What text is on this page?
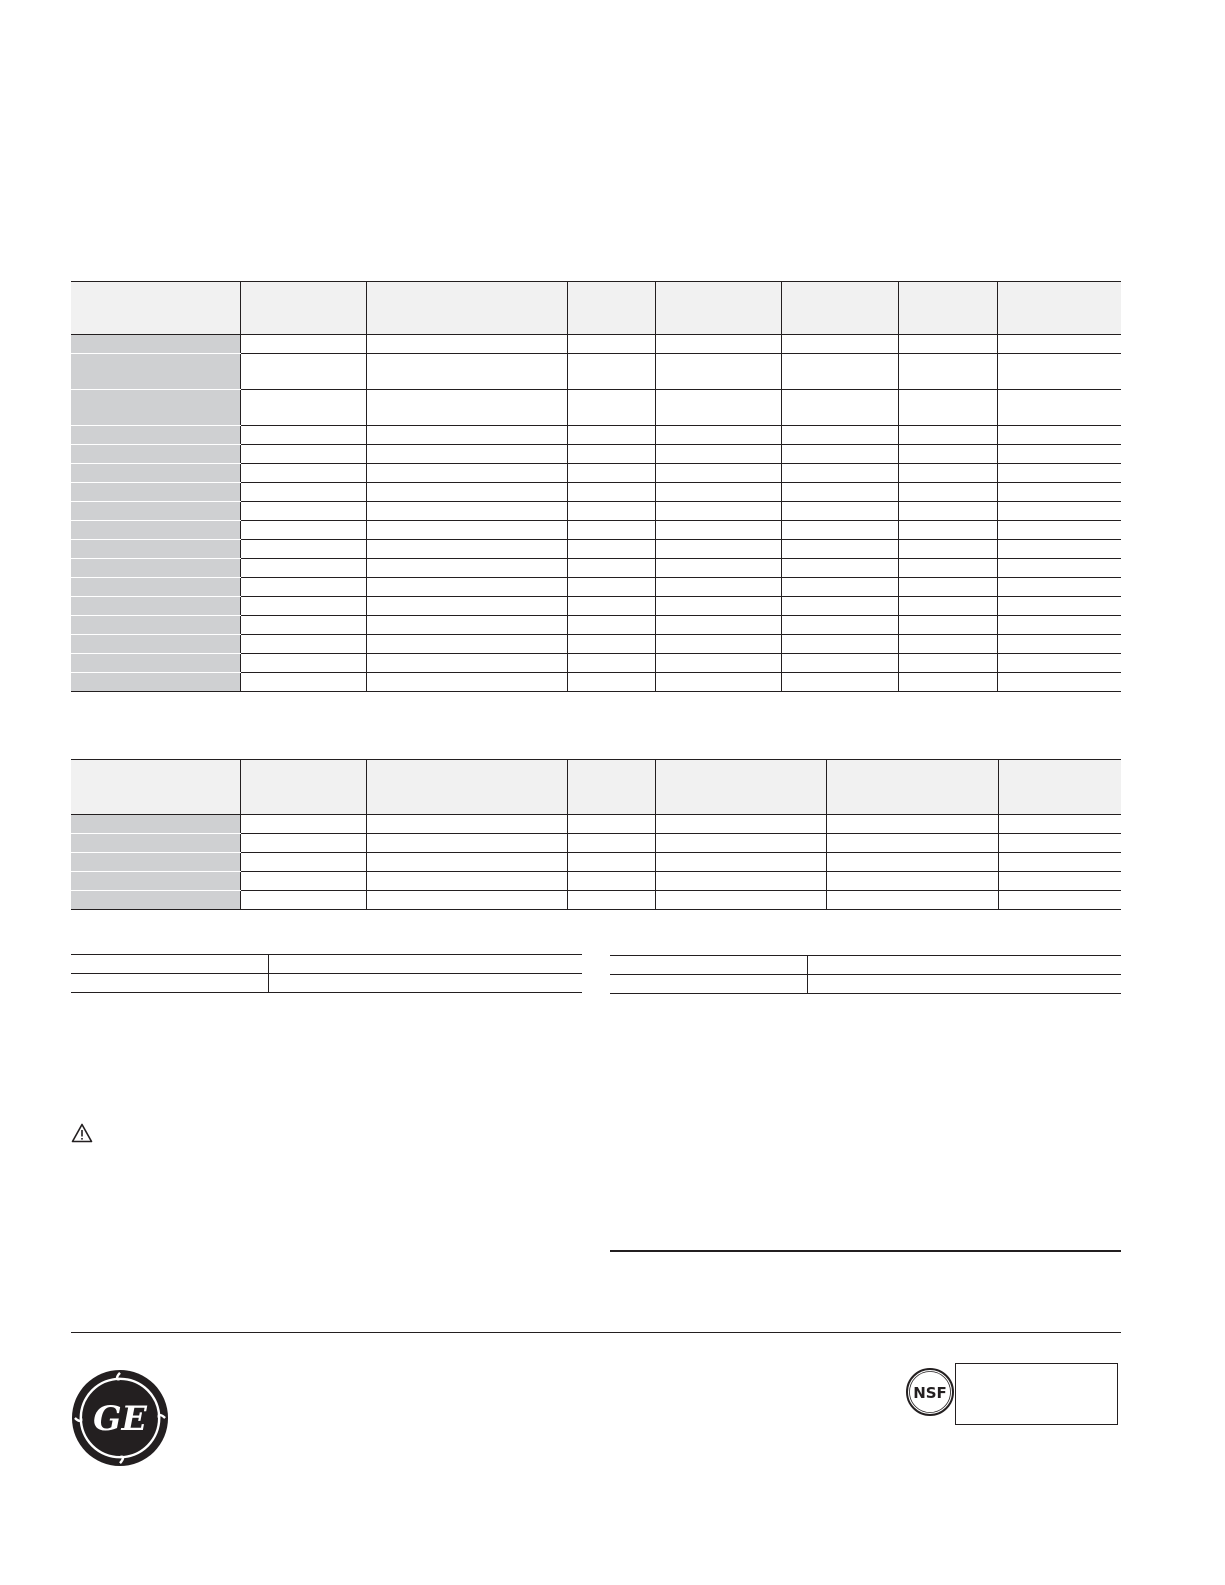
GE
NSF
